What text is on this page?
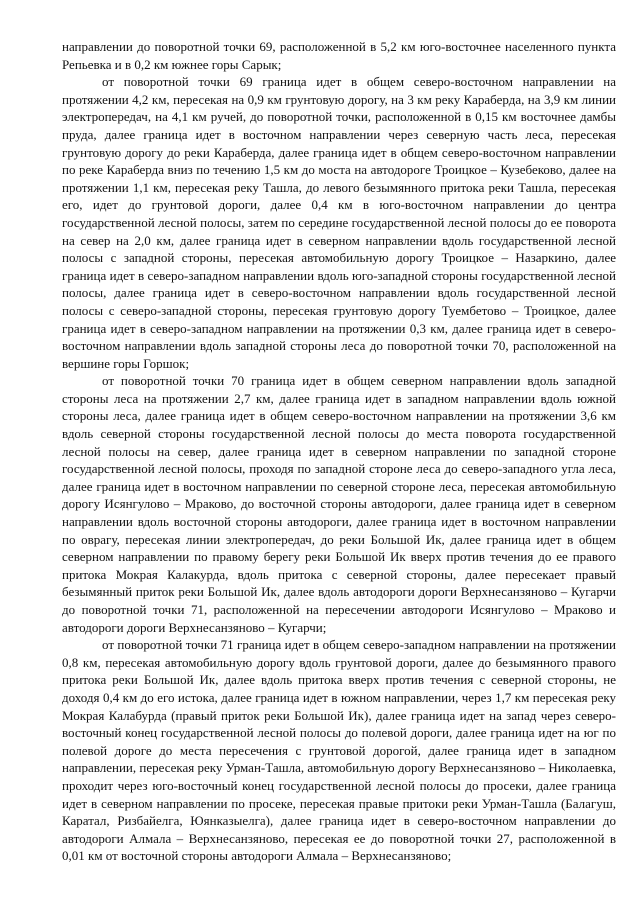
направлении до поворотной точки 69, расположенной в 5,2 км юго-восточнее населенного пункта Репьевка и в 0,2 км южнее горы Сарык;

от поворотной точки 69 граница идет в общем северо-восточном направлении на протяжении 4,2 км, пересекая на 0,9 км грунтовую дорогу, на 3 км реку Караберда, на 3,9 км линии электропередач, на 4,1 км ручей, до поворотной точки, расположенной в 0,15 км восточнее дамбы пруда, далее граница идет в восточном направлении через северную часть леса, пересекая грунтовую дорогу до реки Караберда, далее граница идет в общем северо-восточном направлении по реке Караберда вниз по течению 1,5 км до моста на автодороге Троицкое – Кузебеково, далее на протяжении 1,1 км, пересекая реку Ташла, до левого безымянного притока реки Ташла, пересекая его, идет до грунтовой дороги, далее 0,4 км в юго-восточном направлении до центра государственной лесной полосы, затем по середине государственной лесной полосы до ее поворота на север на 2,0 км, далее граница идет в северном направлении вдоль государственной лесной полосы с западной стороны, пересекая автомобильную дорогу Троицкое – Назаркино, далее граница идет в северо-западном направлении вдоль юго-западной стороны государственной лесной полосы, далее граница идет в северо-восточном направлении вдоль государственной лесной полосы с северо-западной стороны, пересекая грунтовую дорогу Туембетово – Троицкое, далее граница идет в северо-западном направлении на протяжении 0,3 км, далее граница идет в северо-восточном направлении вдоль западной стороны леса до поворотной точки 70, расположенной на вершине горы Горшок;

от поворотной точки 70 граница идет в общем северном направлении вдоль западной стороны леса на протяжении 2,7 км, далее граница идет в западном направлении вдоль южной стороны леса, далее граница идет в общем северо-восточном направлении на протяжении 3,6 км вдоль северной стороны государственной лесной полосы до места поворота государственной лесной полосы на север, далее граница идет в северном направлении по западной стороне государственной лесной полосы, проходя по западной стороне леса до северо-западного угла леса, далее граница идет в восточном направлении по северной стороне леса, пересекая автомобильную дорогу Исянгулово – Мраково, до восточной стороны автодороги, далее граница идет в северном направлении вдоль восточной стороны автодороги, далее граница идет в восточном направлении по оврагу, пересекая линии электропередач, до реки Большой Ик, далее граница идет в общем северном направлении по правому берегу реки Большой Ик вверх против течения до ее правого притока Мокрая Калакурда, вдоль притока с северной стороны, далее пересекает правый безымянный приток реки Большой Ик, далее вдоль автодороги дороги Верхнесанзяново – Кугарчи до поворотной точки 71, расположенной на пересечении автодороги Исянгулово – Мраково и автодороги дороги Верхнесанзяново – Кугарчи;

от поворотной точки 71 граница идет в общем северо-западном направлении на протяжении 0,8 км, пересекая автомобильную дорогу вдоль грунтовой дороги, далее до безымянного правого притока реки Большой Ик, далее вдоль притока вверх против течения с северной стороны, не доходя 0,4 км до его истока, далее граница идет в южном направлении, через 1,7 км пересекая реку Мокрая Калабурда (правый приток реки Большой Ик), далее граница идет на запад через северо-восточный конец государственной лесной полосы до полевой дороги, далее граница идет на юг по полевой дороге до места пересечения с грунтовой дорогой, далее граница идет в западном направлении, пересекая реку Урман-Ташла, автомобильную дорогу Верхнесанзяново – Николаевка, проходит через юго-восточный конец государственной лесной полосы до просеки, далее граница идет в северном направлении по просеке, пересекая правые притоки реки Урман-Ташла (Балагуш, Каратал, Ризбайелга, Юянказыелга), далее граница идет в северо-восточном направлении до автодороги Алмала – Верхнесанзяново, пересекая ее до поворотной точки 27, расположенной в 0,01 км от восточной стороны автодороги Алмала – Верхнесанзяново;
